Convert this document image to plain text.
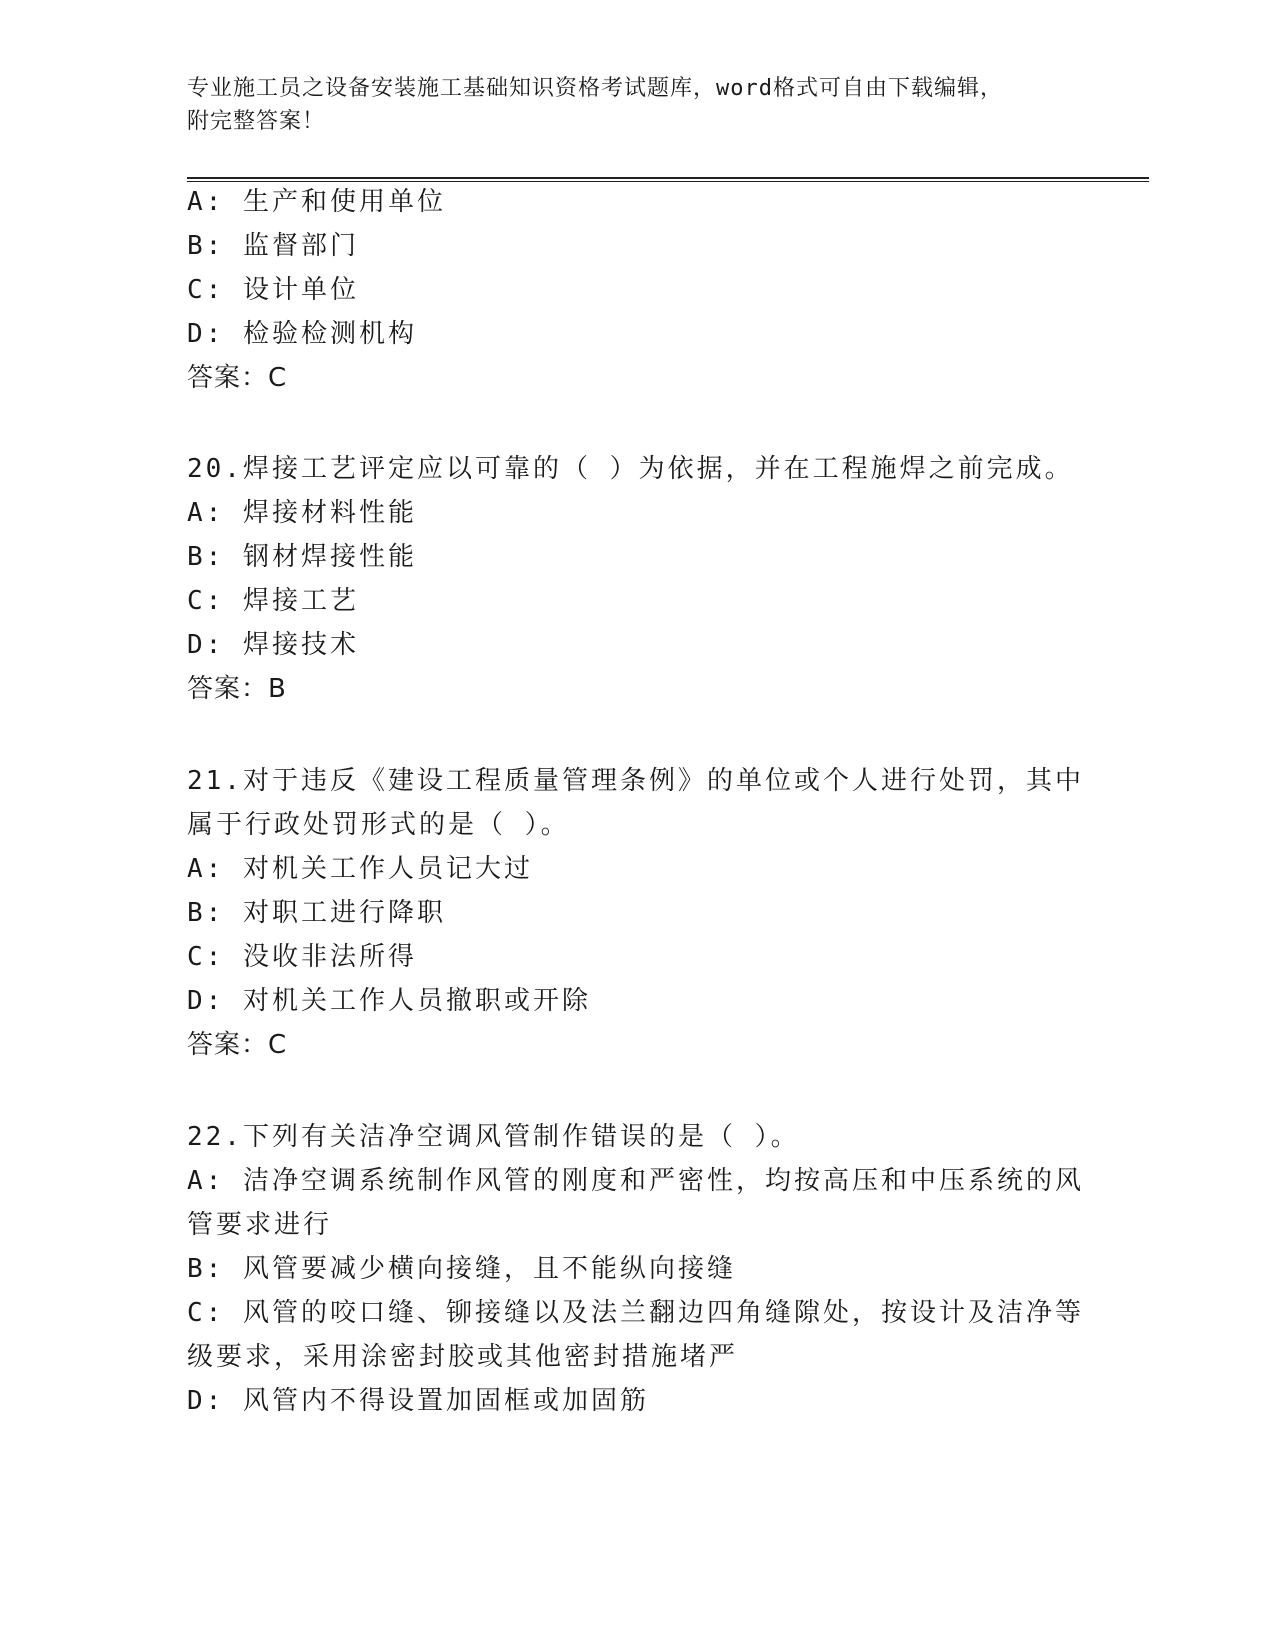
专业施工员之设备安装施工基础知识资格考试题库，word格式可自由下载编辑，
附完整答案！
A: 生产和使用单位
B: 监督部门
C: 设计单位
D: 检验检测机构
答案：C
20.焊接工艺评定应以可靠的（ ）为依据，并在工程施焊之前完成。
A: 焊接材料性能
B: 钢材焊接性能
C: 焊接工艺
D: 焊接技术
答案：B
21.对于违反《建设工程质量管理条例》的单位或个人进行处罚，其中
属于行政处罚形式的是（ ）。
A: 对机关工作人员记大过
B: 对职工进行降职
C: 没收非法所得
D: 对机关工作人员撤职或开除
答案：C
22.下列有关洁净空调风管制作错误的是（ ）。
A: 洁净空调系统制作风管的刚度和严密性，均按高压和中压系统的风
管要求进行
B: 风管要减少横向接缝，且不能纵向接缝
C: 风管的咬口缝、铆接缝以及法兰翻边四角缝隙处，按设计及洁净等
级要求，采用涂密封胶或其他密封措施堵严
D: 风管内不得设置加固框或加固筋
